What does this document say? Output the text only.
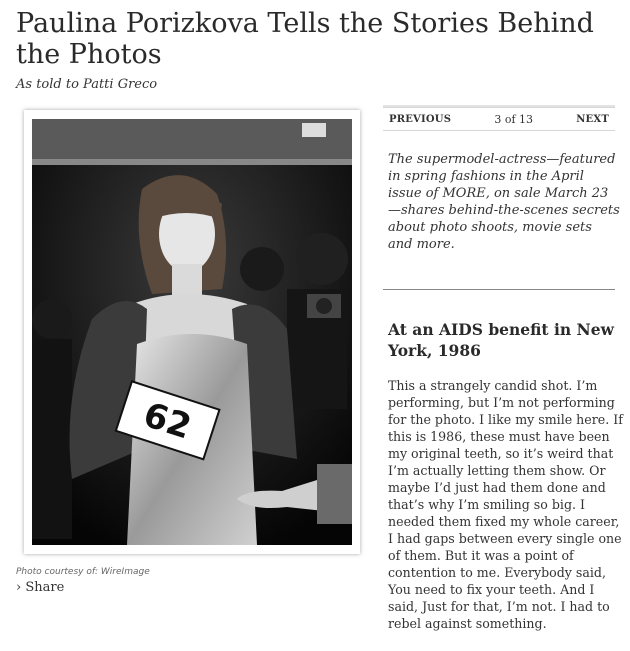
Paulina Porizkova Tells the Stories Behind the Photos
As told to Patti Greco
62
Photo courtesy of: WireImage
› Share
PREVIOUS	3 of 13	NEXT
The supermodel-actress—featured in spring fashions in the April issue of MORE, on sale March 23—shares behind-the-scenes secrets about photo shoots, movie sets and more.
At an AIDS benefit in New York, 1986

This a strangely candid shot. I’m performing, but I’m not performing for the photo. I like my smile here. If this is 1986, these must have been my original teeth, so it’s weird that I’m actually letting them show. Or maybe I’d just had them done and that’s why I’m smiling so big. I needed them fixed my whole career, I had gaps between every single one of them. But it was a point of contention to me. Everybody said, You need to fix your teeth. And I said, Just for that, I’m not. I had to rebel against something.
